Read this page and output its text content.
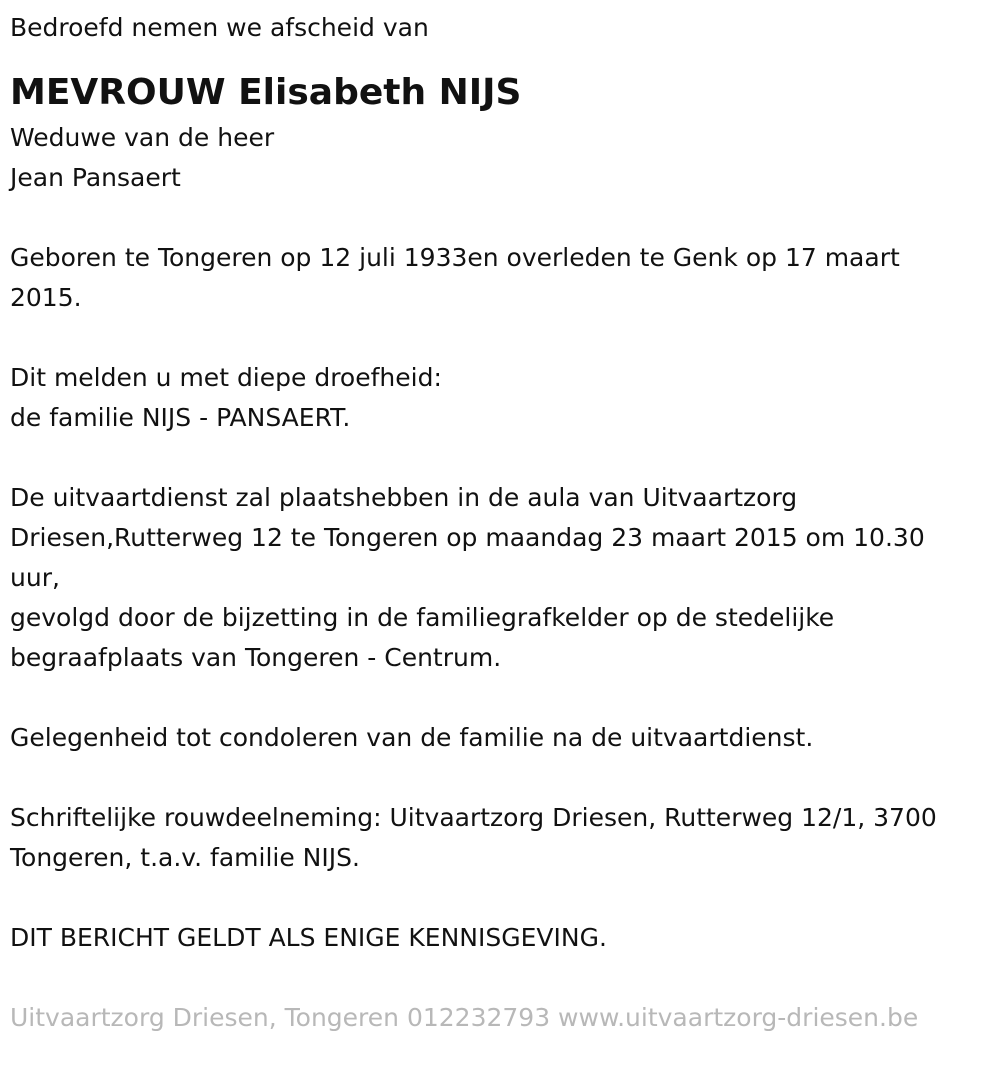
Bedroefd nemen we afscheid van

MEVROUW Elisabeth NIJS

Weduwe van de heer

Jean Pansaert

Geboren te Tongeren op 12 juli 1933en overleden te Genk op 17 maart

2015.

Dit melden u met diepe droefheid:

de familie NIJS - PANSAERT.

De uitvaartdienst zal plaatshebben in de aula van Uitvaartzorg

Driesen,Rutterweg 12 te Tongeren op maandag 23 maart 2015 om 10.30

uur,

gevolgd door de bijzetting in de familiegrafkelder op de stedelijke

begraafplaats van Tongeren - Centrum.

Gelegenheid tot condoleren van de familie na de uitvaartdienst.

Schriftelijke rouwdeelneming: Uitvaartzorg Driesen, Rutterweg 12/1, 3700

Tongeren, t.a.v. familie NIJS.

DIT BERICHT GELDT ALS ENIGE KENNISGEVING.

Uitvaartzorg Driesen, Tongeren 012232793 www.uitvaartzorg-driesen.be
